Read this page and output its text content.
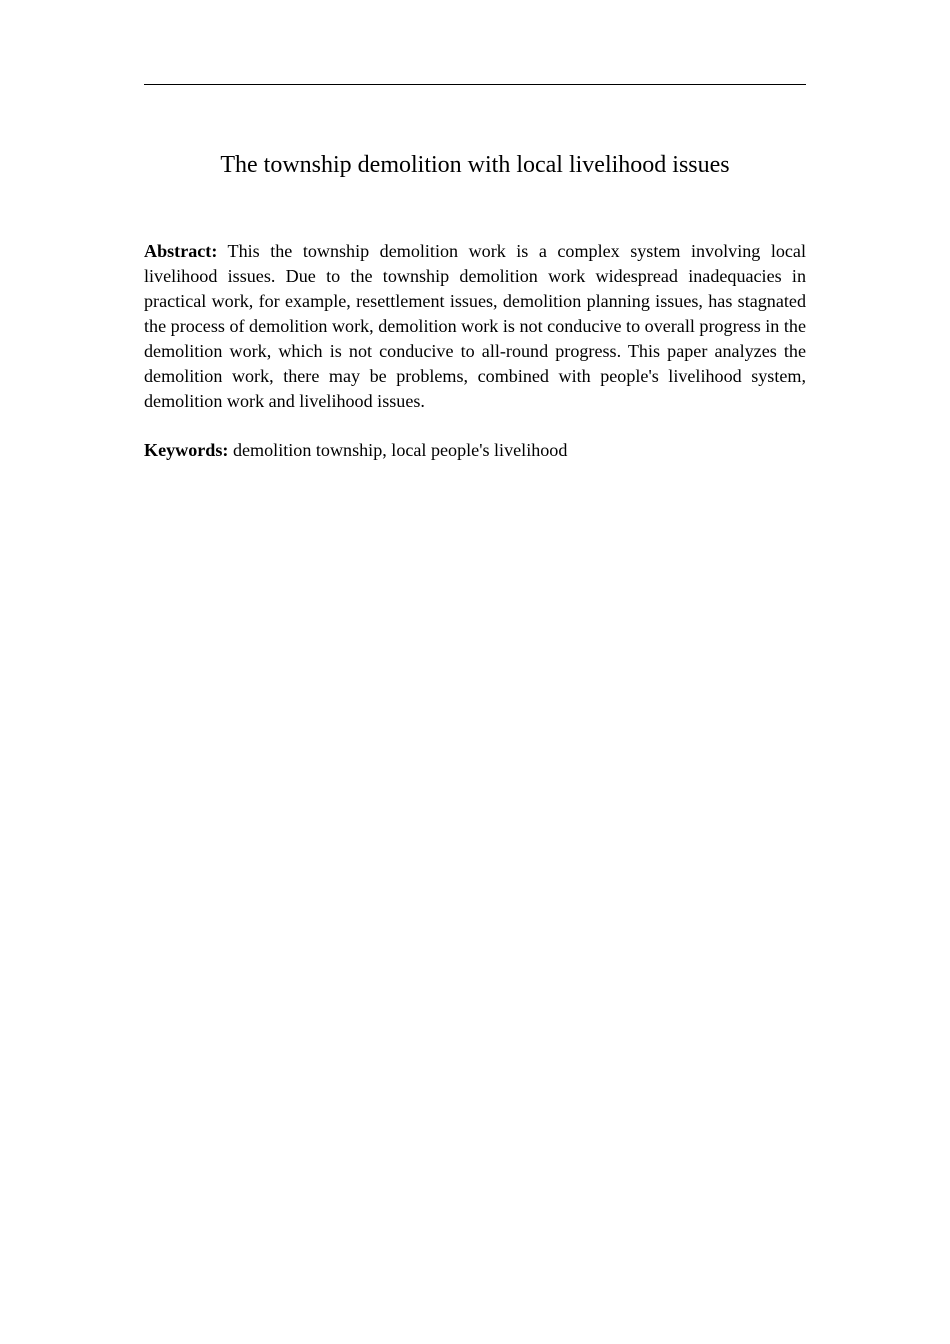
The township demolition with local livelihood issues

Abstract: This the township demolition work is a complex system involving local livelihood issues. Due to the township demolition work widespread inadequacies in practical work, for example, resettlement issues, demolition planning issues, has stagnated the process of demolition work, demolition work is not conducive to overall progress in the demolition work, which is not conducive to all-round progress. This paper analyzes the demolition work, there may be problems, combined with people's livelihood system, demolition work and livelihood issues.

Keywords: demolition township, local people's livelihood
